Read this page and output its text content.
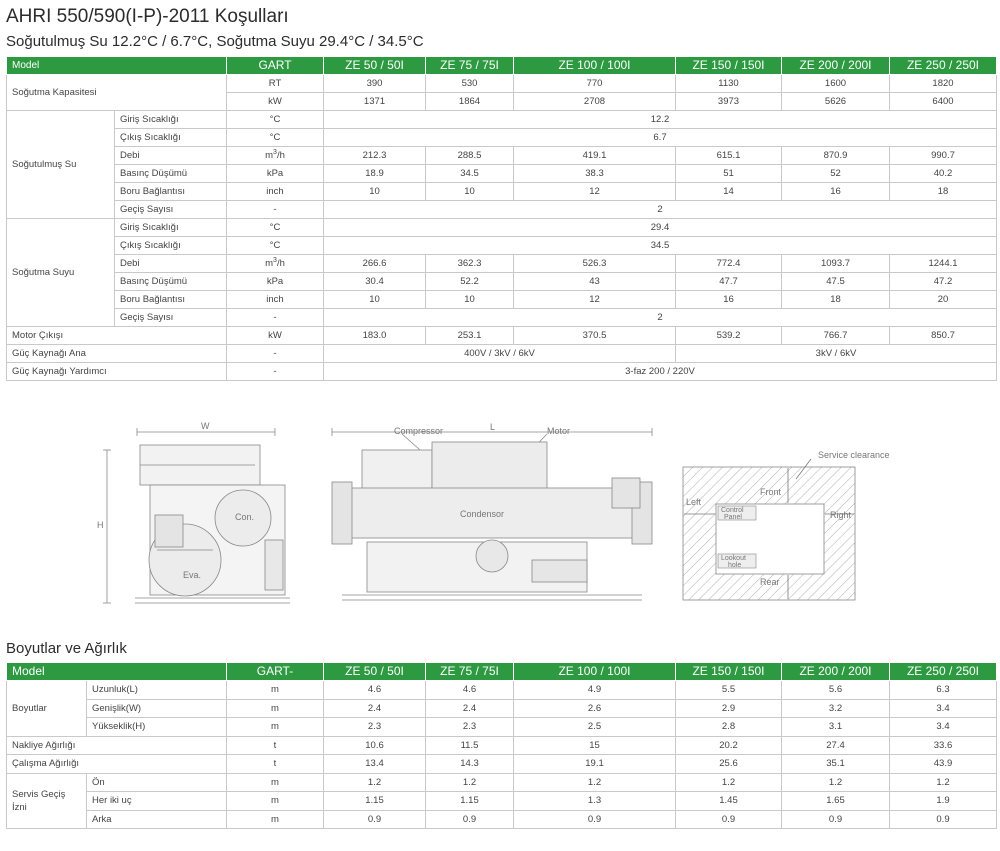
AHRI 550/590(I-P)-2011 Koşulları
Soğutulmuş Su 12.2°C / 6.7°C, Soğutma Suyu 29.4°C / 34.5°C
Model		GART	ZE 50 / 50I	ZE 75 / 75I	ZE 100 / 100I	ZE 150 / 150I	ZE 200 / 200I	ZE 250 / 250I
Soğutma Kapasitesi		RT	390	530	770	1130	1600	1820
		kW	1371	1864	2708	3973	5626	6400
Soğutulmuş Su	Giriş Sıcaklığı	°C	12.2					
	Çıkış Sıcaklığı	°C	6.7					
	Debi	$m^3/h$	212.3	288.5	419.1	615.1	870.9	990.7
	Basınç Düşümü	kPa	18.9	34.5	38.3	51	52	40.2
	Boru Bağlantısı	inch	10	10	12	14	16	18
	Geçiş Sayısı	-	2					
Soğutma Suyu	Giriş Sıcaklığı	°C	29.4					
	Çıkış Sıcaklığı	°C	34.5					
	Debi	$m^3/h$	266.6	362.3	526.3	772.4	1093.7	1244.1
	Basınç Düşümü	kPa	30.4	52.2	43	47.7	47.5	47.2
	Boru Bağlantısı	inch	10	10	12	16	18	20
	Geçiş Sayısı	-	2					
Motor Çıkışı		kW	183.0	253.1	370.5	539.2	766.7	850.7
Güç Kaynağı Ana		-	400V / 3kV / 6kV			3kV / 6kV		
Güç Kaynağı Yardımcı		-	3-faz 200 / 220V					
W
H
Con.
Eva.
L
Compressor	Motor
Condensor
Service clearance
Front
Rear
Left
Right
Control
Panel
Lookout
hole
Boyutlar ve Ağırlık
Model		GART-	ZE 50 / 50I	ZE 75 / 75I	ZE 100 / 100I	ZE 150 / 150I	ZE 200 / 200I	ZE 250 / 250I
Boyutlar	Uzunluk(L)	m	4.6	4.6	4.9	5.5	5.6	6.3
	Genişlik(W)	m	2.4	2.4	2.6	2.9	3.2	3.4
	Yükseklik(H)	m	2.3	2.3	2.5	2.8	3.1	3.4
Nakliye Ağırlığı		t	10.6	11.5	15	20.2	27.4	33.6
Çalışma Ağırlığı		t	13.4	14.3	19.1	25.6	35.1	43.9
Servis Geçiş
İzni	Ön	m	1.2	1.2	1.2	1.2	1.2	1.2
	Her iki uç	m	1.15	1.15	1.3	1.45	1.65	1.9
	Arka	m	0.9	0.9	0.9	0.9	0.9	0.9
